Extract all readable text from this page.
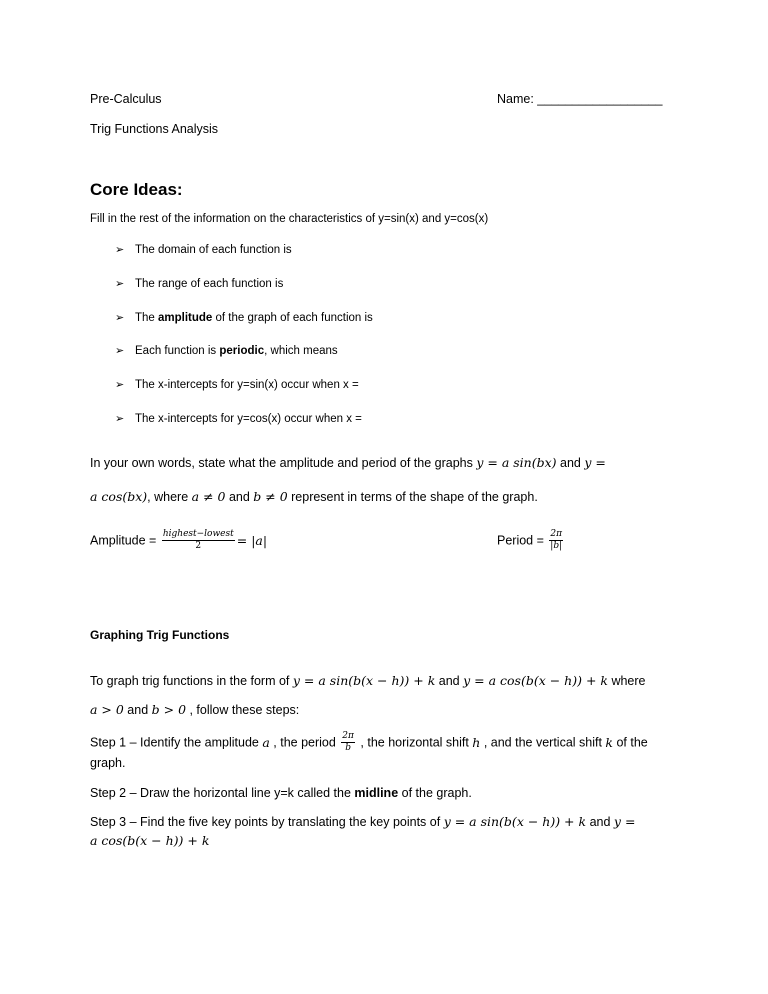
Pre-Calculus	Name: __________________
Trig Functions Analysis
Core Ideas:
Fill in the rest of the information on the characteristics of y=sin(x) and y=cos(x)
➢ The domain of each function is
➢ The range of each function is
➢ The amplitude of the graph of each function is
➢ Each function is periodic, which means
➢ The x-intercepts for y=sin(x) occur when x =
➢ The x-intercepts for y=cos(x) occur when x =
In your own words, state what the amplitude and period of the graphs y = a sin(bx) and y =
a cos(bx), where a ≠ 0 and b ≠ 0 represent in terms of the shape of the graph.
Amplitude = $\frac{\text{highest−lowest}}{2} = |a|$	Period = $\frac{2\pi}{|b|}$
Graphing Trig Functions
To graph trig functions in the form of y = a sin(b(x − h)) + k and y = a cos(b(x − h)) + k where
a > 0 and b > 0 , follow these steps:
Step 1 – Identify the amplitude a , the period $\frac{2\pi}{b}$ , the horizontal shift h , and the vertical shift k of the
graph.
Step 2 – Draw the horizontal line y=k called the midline of the graph.
Step 3 – Find the five key points by translating the key points of y = a sin(b(x − h)) + k and y =
a cos(b(x − h)) + k
